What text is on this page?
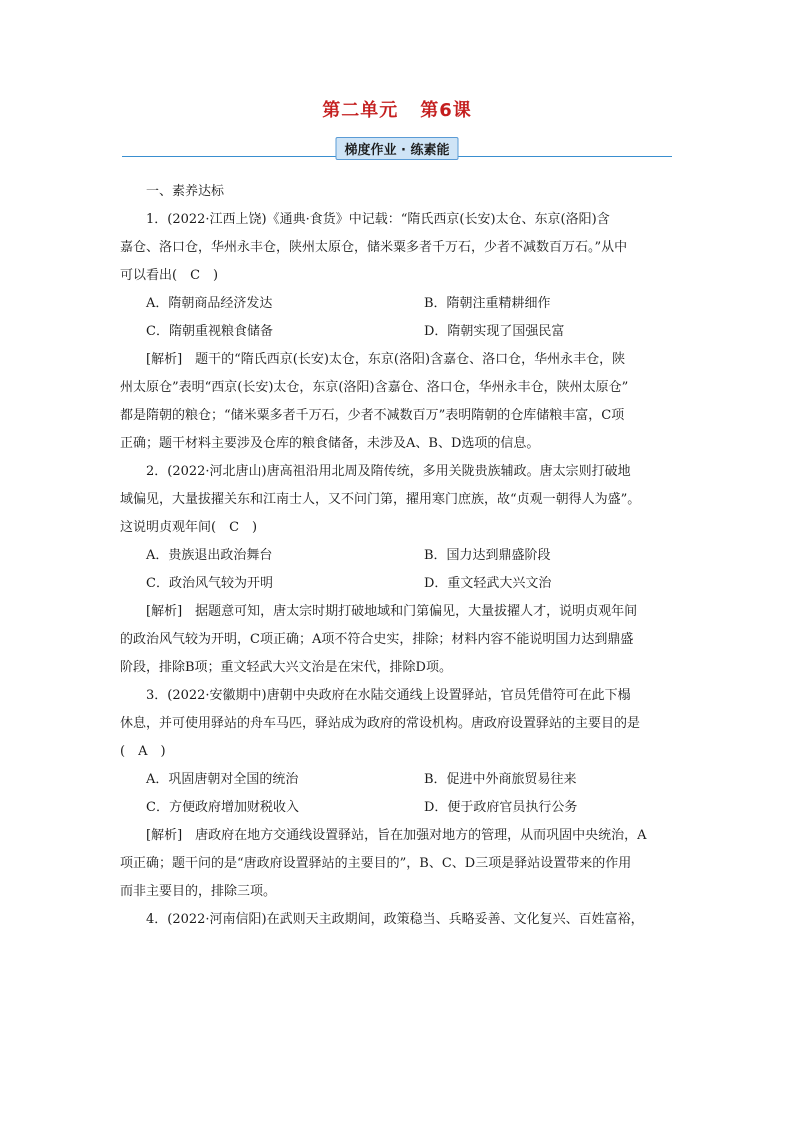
第二单元 第6课
梯度作业 · 练素能
一、素养达标
1．(2022·江西上饶)《通典·食货》中记载：“隋氏西京(长安)太仓、东京(洛阳)含
嘉仓、洛口仓，华州永丰仓，陕州太原仓，储米粟多者千万石，少者不减数百万石。”从中
可以看出(　C　)
A．隋朝商品经济发达	B．隋朝注重精耕细作
C．隋朝重视粮食储备	D．隋朝实现了国强民富
[解析]　题干的“隋氏西京(长安)太仓，东京(洛阳)含嘉仓、洛口仓，华州永丰仓，陕
州太原仓”表明“西京(长安)太仓，东京(洛阳)含嘉仓、洛口仓，华州永丰仓，陕州太原仓”
都是隋朝的粮仓；“储米粟多者千万石，少者不减数百万”表明隋朝的仓库储粮丰富，C项
正确；题干材料主要涉及仓库的粮食储备，未涉及A、B、D选项的信息。
2．(2022·河北唐山)唐高祖沿用北周及隋传统，多用关陇贵族辅政。唐太宗则打破地
域偏见，大量拔擢关东和江南士人，又不问门第，擢用寒门庶族，故“贞观一朝得人为盛”。
这说明贞观年间(　C　)
A．贵族退出政治舞台	B．国力达到鼎盛阶段
C．政治风气较为开明	D．重文轻武大兴文治
[解析]　据题意可知，唐太宗时期打破地域和门第偏见，大量拔擢人才，说明贞观年间
的政治风气较为开明，C项正确；A项不符合史实，排除；材料内容不能说明国力达到鼎盛
阶段，排除B项；重文轻武大兴文治是在宋代，排除D项。
3．(2022·安徽期中)唐朝中央政府在水陆交通线上设置驿站，官员凭借符可在此下榻
休息，并可使用驿站的舟车马匹，驿站成为政府的常设机构。唐政府设置驿站的主要目的是
(　A　)
A．巩固唐朝对全国的统治	B．促进中外商旅贸易往来
C．方便政府增加财税收入	D．便于政府官员执行公务
[解析]　唐政府在地方交通线设置驿站，旨在加强对地方的管理，从而巩固中央统治，A
项正确；题干问的是“唐政府设置驿站的主要目的”，B、C、D三项是驿站设置带来的作用
而非主要目的，排除三项。
4．(2022·河南信阳)在武则天主政期间，政策稳当、兵略妥善、文化复兴、百姓富裕，
